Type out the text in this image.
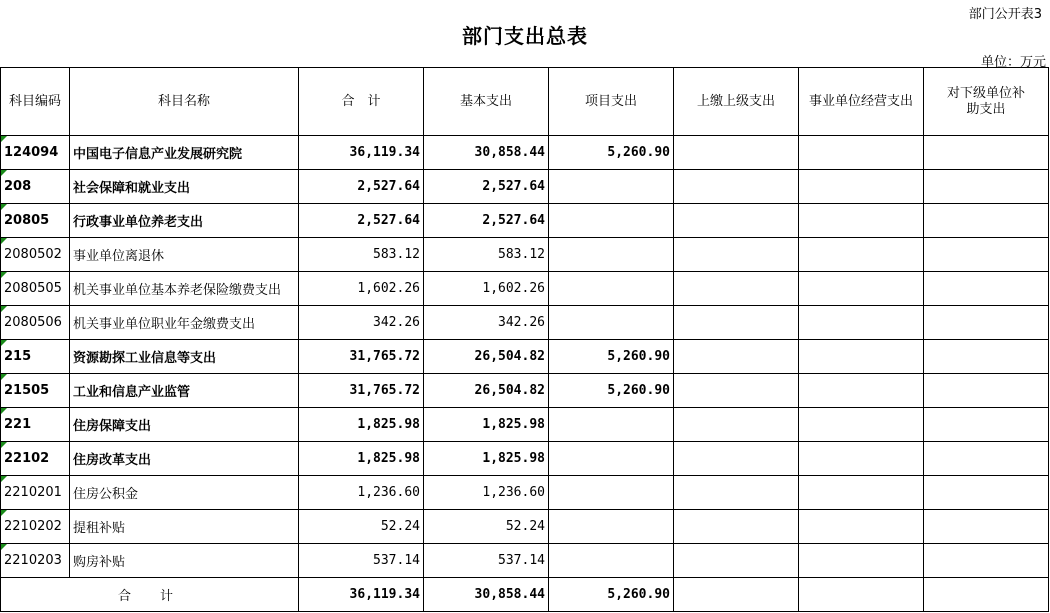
部门公开表3
部门支出总表
单位：万元
科目编码	科目名称	合　计	基本支出	项目支出	上缴上级支出	事业单位经营支出	对下级单位补助支出

124094	中国电子信息产业发展研究院	36,119.34	30,858.44	5,260.90			

208	社会保障和就业支出	2,527.64	2,527.64				

20805	行政事业单位养老支出	2,527.64	2,527.64				

2080502	事业单位离退休	583.12	583.12				

2080505	机关事业单位基本养老保险缴费支出	1,602.26	1,602.26				

2080506	机关事业单位职业年金缴费支出	342.26	342.26				

215	资源勘探工业信息等支出	31,765.72	26,504.82	5,260.90			

21505	工业和信息产业监管	31,765.72	26,504.82	5,260.90			

221	住房保障支出	1,825.98	1,825.98				

22102	住房改革支出	1,825.98	1,825.98				

2210201	住房公积金	1,236.60	1,236.60				

2210202	提租补贴	52.24	52.24				

2210203	购房补贴	537.14	537.14				
合　计		36,119.34	30,858.44	5,260.90			
